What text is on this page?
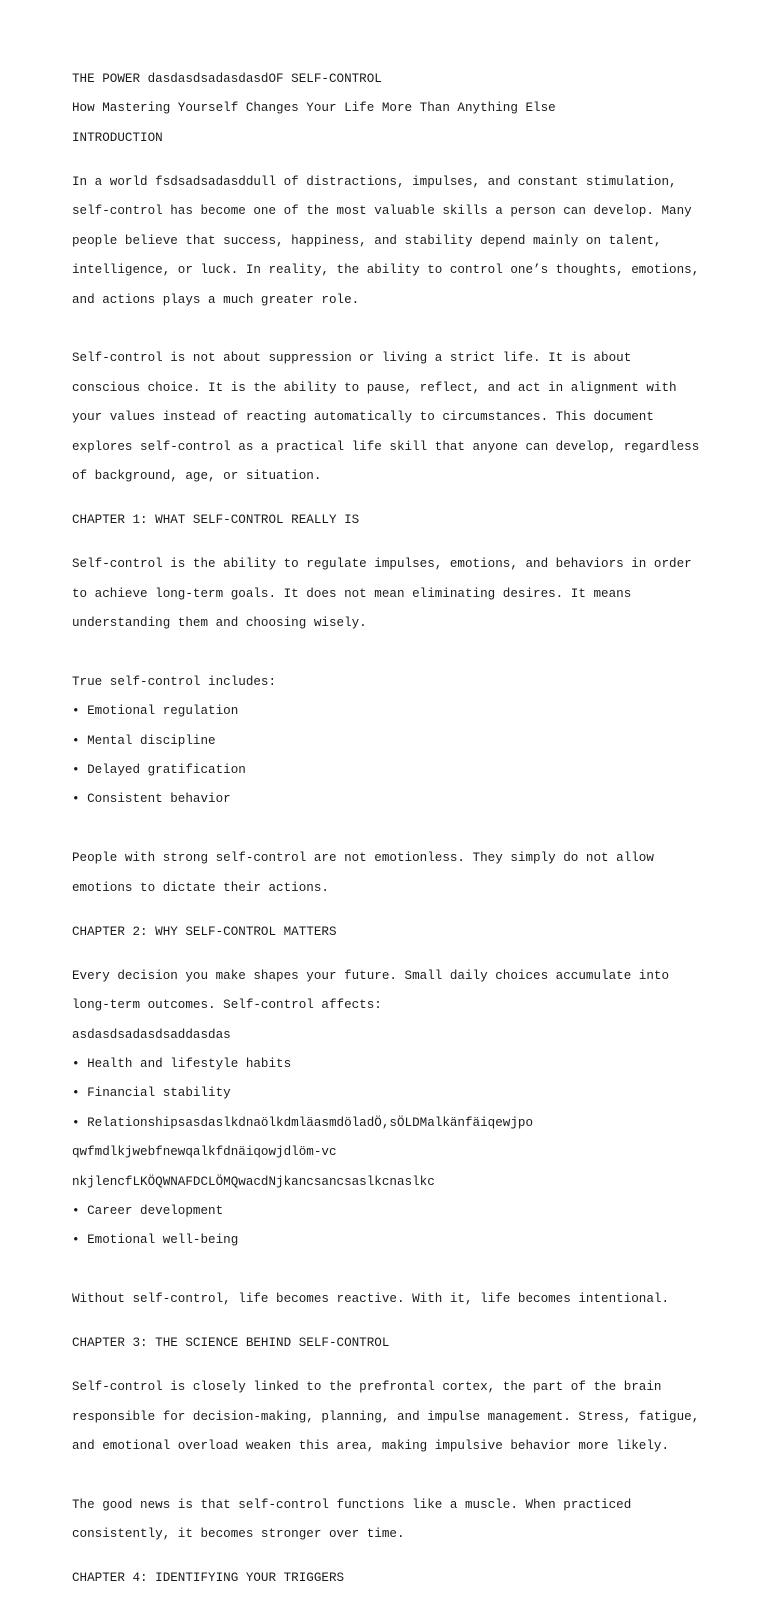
THE POWER dasdasdsadasdasdOF SELF-CONTROL
How Mastering Yourself Changes Your Life More Than Anything Else
INTRODUCTION

In a world fsdsadsadasddull of distractions, impulses, and constant stimulation,

self-control has become one of the most valuable skills a person can develop. Many

people believe that success, happiness, and stability depend mainly on talent,

intelligence, or luck. In reality, the ability to control one’s thoughts, emotions,

and actions plays a much greater role.

Self-control is not about suppression or living a strict life. It is about

conscious choice. It is the ability to pause, reflect, and act in alignment with

your values instead of reacting automatically to circumstances. This document

explores self-control as a practical life skill that anyone can develop, regardless

of background, age, or situation.

CHAPTER 1: WHAT SELF-CONTROL REALLY IS

Self-control is the ability to regulate impulses, emotions, and behaviors in order

to achieve long-term goals. It does not mean eliminating desires. It means

understanding them and choosing wisely.

True self-control includes:

• Emotional regulation

• Mental discipline

• Delayed gratification

• Consistent behavior

People with strong self-control are not emotionless. They simply do not allow

emotions to dictate their actions.

CHAPTER 2: WHY SELF-CONTROL MATTERS

Every decision you make shapes your future. Small daily choices accumulate into

long-term outcomes. Self-control affects:

asdasdsadasdsaddasdas

• Health and lifestyle habits

• Financial stability

• RelationshipsasdaslkdnaölkdmläasmdöladÖ,sÖLDMalkänfäiqewjpo

qwfmdlkjwebfnewqalkfdnäiqowjdlöm-vc

nkjlencfLKÖQWNAFDCLÖMQwacdNjkancsancsaslkcnaslkc

• Career development

• Emotional well-being

Without self-control, life becomes reactive. With it, life becomes intentional.

CHAPTER 3: THE SCIENCE BEHIND SELF-CONTROL

Self-control is closely linked to the prefrontal cortex, the part of the brain

responsible for decision-making, planning, and impulse management. Stress, fatigue,

and emotional overload weaken this area, making impulsive behavior more likely.

The good news is that self-control functions like a muscle. When practiced

consistently, it becomes stronger over time.

CHAPTER 4: IDENTIFYING YOUR TRIGGERS
